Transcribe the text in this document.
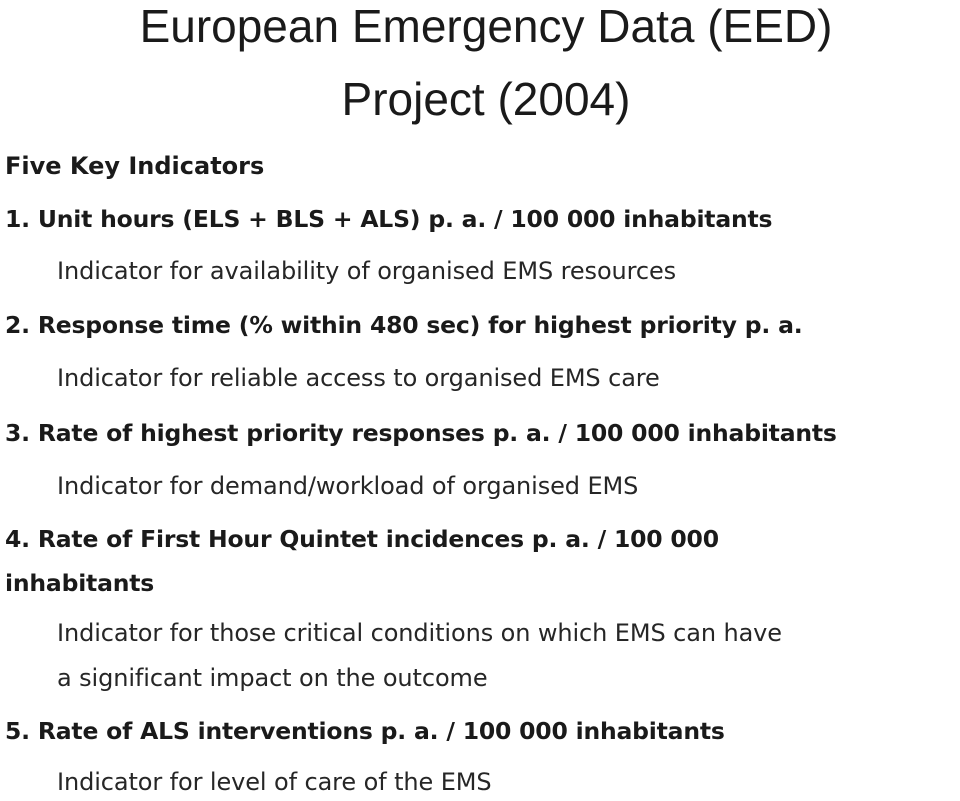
European Emergency Data (EED)
Project (2004)
Five Key Indicators
1. Unit hours (ELS + BLS + ALS) p. a. / 100 000 inhabitants
Indicator for availability of organised EMS resources
2. Response time (% within 480 sec) for highest priority p. a.
Indicator for reliable access to organised EMS care
3. Rate of highest priority responses p. a. / 100 000 inhabitants
Indicator for demand/workload of organised EMS
4. Rate of First Hour Quintet incidences p. a. / 100 000
inhabitants
Indicator for those critical conditions on which EMS can have
a significant impact on the outcome
5. Rate of ALS interventions p. a. / 100 000 inhabitants
Indicator for level of care of the EMS
